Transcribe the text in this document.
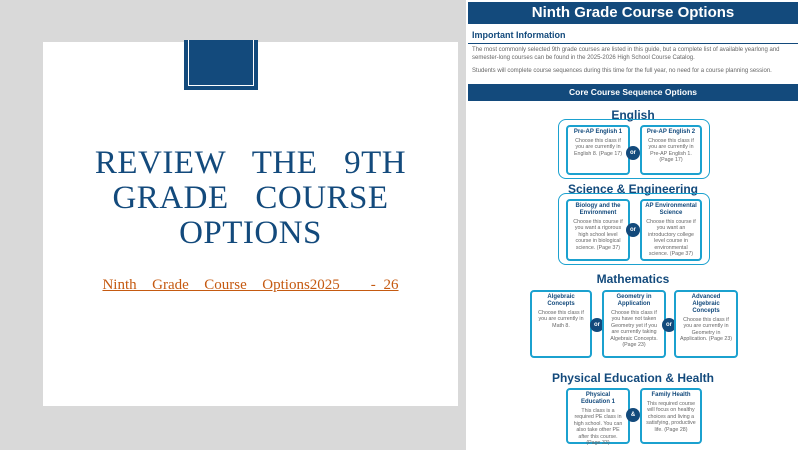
REVIEW THE 9TH GRADE COURSE OPTIONS
Ninth  Grade  Course  Options2025    - 26
Ninth Grade Course Options
Important Information
The most commonly selected 9th grade courses are listed in this guide, but a complete list of available yearlong and semester-long courses can be found in the 2025-2026 High School Course Catalog.
Students will complete course sequences during this time for the full year, no need for a course planning session.
Core Course Sequence Options
English
Pre-AP English 1
Choose this class if you are currently in English 8. (Page 17)	or
Pre-AP English 2
Choose this class if you are currently in Pre-AP English 1. (Page 17)
Science & Engineering
Biology and the Environment
Choose this course if you want a rigorous high school level course in biological science. (Page 37)
or
AP Environmental Science
Choose this course if you want an introductory college level course in environmental science. (Page 37)
Mathematics
Algebraic Concepts
Choose this class if you are currently in Math 8.	or
Geometry in Application
Choose this class if you have not taken Geometry yet if you are currently taking Algebraic Concepts. (Page 23)
or
Advanced Algebraic Concepts
Choose this class if you are currently in Geometry in Application. (Page 23)
Physical Education & Health
Physical Education 1
This class is a required PE class in high school. You can also take other PE after this course. (Page 33)
&
Family Health
This required course will focus on healthy choices and living a satisfying, productive life. (Page 28)
